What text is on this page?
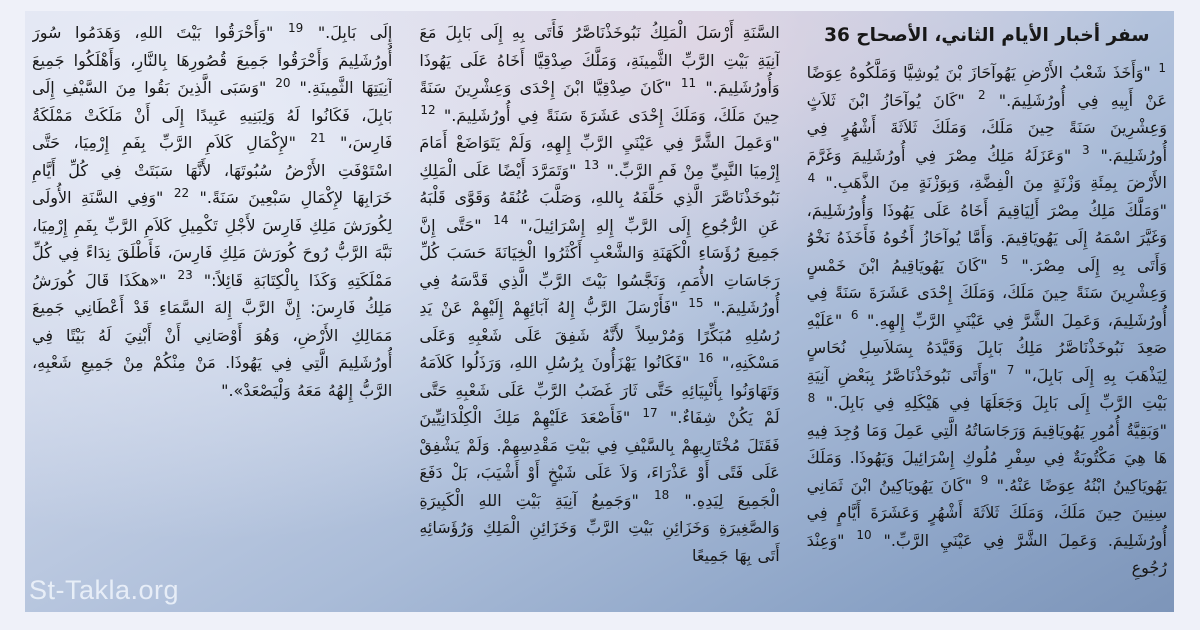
سفر أخبار الأيام الثاني، الأصحاح 36
$^1$ "وَأَخَذَ شَعْبُ الأَرْضِ يَهُوآحَازَ بْنَ يُوشِيَّا وَمَلَّكُوهُ عِوَضًا عَنْ أَبِيهِ فِي أُورُشَلِيمَ." $^2$ "كَانَ يُوآحَازُ ابْنَ ثَلاَثٍ وَعِشْرِينَ سَنَةً حِينَ مَلَكَ، وَمَلَكَ ثَلاَثَةَ أَشْهُرٍ فِي أُورُشَلِيمَ." $^3$ "وَعَزَلَهُ مَلِكُ مِصْرَ فِي أُورُشَلِيمَ وَغَرَّمَ الأَرْضَ بِمِئَةِ وَزْنَةٍ مِنَ الْفِضَّةِ، وَبِوَزْنَةٍ مِنَ الذَّهَبِ." $^4$ "وَمَلَّكَ مَلِكُ مِصْرَ أَلِيَاقِيمَ أَخَاهُ عَلَى يَهُوذَا وَأُورُشَلِيمَ، وَغَيَّرَ اسْمَهُ إِلَى يَهُويَاقِيمَ. وَأَمَّا يُوآحَازُ أَخُوهُ فَأَخَذَهُ نَخْوُ وَأَتَى بِهِ إِلَى مِصْرَ." $^5$ "كَانَ يَهُويَاقِيمُ ابْنَ خَمْسٍ وَعِشْرِينَ سَنَةً حِينَ مَلَكَ، وَمَلَكَ إِحْدَى عَشَرَةَ سَنَةً فِي أُورُشَلِيمَ، وَعَمِلَ الشَّرَّ فِي عَيْنَيِ الرَّبِّ إِلهِهِ." $^6$ "عَلَيْهِ صَعِدَ نَبُوخَذْنَاصَّرُ مَلِكُ بَابِلَ وَقَيَّدَهُ بِسَلاَسِلِ نُحَاسٍ لِيَذْهَبَ بِهِ إِلَى بَابِلَ،" $^7$ "وَأَتَى نَبُوخَذْنَاصَّرُ بِبَعْضِ آنِيَةِ بَيْتِ الرَّبِّ إِلَى بَابِلَ وَجَعَلَهَا فِي هَيْكَلِهِ فِي بَابِلَ." $^8$ "وَبَقِيَّةُ أُمُورِ يَهُويَاقِيمَ وَرَجَاسَاتُهُ الَّتِي عَمِلَ وَمَا وُجِدَ فِيهِ هَا هِيَ مَكْتُوبَةٌ فِي سِفْرِ مُلُوكِ إِسْرَائِيلَ وَيَهُوذَا. وَمَلَكَ يَهُويَاكِينُ ابْنُهُ عِوَضًا عَنْهُ." $^9$ "كَانَ يَهُويَاكِينُ ابْنَ ثَمَانِي سِنِينَ حِينَ مَلَكَ، وَمَلَكَ ثَلاَثَةَ أَشْهُرٍ وَعَشَرَةَ أَيَّامٍ فِي أُورُشَلِيمَ. وَعَمِلَ الشَّرَّ فِي عَيْنَيِ الرَّبِّ." $^{10}$ "وَعِنْدَ رُجُوعِ
السَّنَةِ أَرْسَلَ الْمَلِكُ نَبُوخَذْنَاصَّرُ فَأَتَى بِهِ إِلَى بَابِلَ مَعَ آنِيَةِ بَيْتِ الرَّبِّ الثَّمِينَةِ، وَمَلَّكَ صِدْقِيَّا أَخَاهُ عَلَى يَهُوذَا وَأُورُشَلِيمَ." $^{11}$ "كَانَ صِدْقِيَّا ابْنَ إِحْدَى وَعِشْرِينَ سَنَةً حِينَ مَلَكَ، وَمَلَكَ إِحْدَى عَشَرَةَ سَنَةً فِي أُورُشَلِيمَ." $^{12}$ "وَعَمِلَ الشَّرَّ فِي عَيْنَيِ الرَّبِّ إِلهِهِ، وَلَمْ يَتَوَاضَعْ أَمَامَ إِرْمِيَا النَّبِيِّ مِنْ فَمِ الرَّبِّ." $^{13}$ "وَتَمَرَّدَ أَيْضًا عَلَى الْمَلِكِ نَبُوخَذْنَاصَّرَ الَّذِي حَلَّفَهُ بِاللهِ، وَصَلَّبَ عُنُقَهُ وَقَوَّى قَلْبَهُ عَنِ الرُّجُوعِ إِلَى الرَّبِّ إِلهِ إِسْرَائِيلَ،" $^{14}$ "حَتَّى إِنَّ جَمِيعَ رُؤَسَاءِ الْكَهَنَةِ وَالشَّعْبِ أَكْثَرُوا الْخِيَانَةَ حَسَبَ كُلِّ رَجَاسَاتِ الأُمَمِ، وَنَجَّسُوا بَيْتَ الرَّبِّ الَّذِي قَدَّسَهُ فِي أُورُشَلِيمَ." $^{15}$ "فَأَرْسَلَ الرَّبُّ إِلهُ آبَائِهِمْ إِلَيْهِمْ عَنْ يَدِ رُسُلِهِ مُبَكِّرًا وَمُرْسِلاً لأَنَّهُ شَفِقَ عَلَى شَعْبِهِ وَعَلَى مَسْكَنِهِ،" $^{16}$ "فَكَانُوا يَهْزَأُونَ بِرُسُلِ اللهِ، وَرَذَلُوا كَلاَمَهُ وَتَهَاوَنُوا بِأَنْبِيَائِهِ حَتَّى ثَارَ غَضَبُ الرَّبِّ عَلَى شَعْبِهِ حَتَّى لَمْ يَكُنْ شِفَاءٌ." $^{17}$ "فَأَصْعَدَ عَلَيْهِمْ مَلِكَ الْكِلْدَانِيِّينَ فَقَتَلَ مُخْتَارِيهِمْ بِالسَّيْفِ فِي بَيْتِ مَقْدِسِهِمْ. وَلَمْ يَشْفِقْ عَلَى فَتًى أَوْ عَذْرَاءَ، وَلاَ عَلَى شَيْخٍ أَوْ أَشْيَبَ، بَلْ دَفَعَ الْجَمِيعَ لِيَدِهِ." $^{18}$ "وَجَمِيعُ آنِيَةِ بَيْتِ اللهِ الْكَبِيرَةِ وَالصَّغِيرَةِ وَخَزَائِنِ بَيْتِ الرَّبِّ وَخَزَائِنِ الْمَلِكِ وَرُؤَسَائِهِ أَتَى بِهَا جَمِيعًا
إِلَى بَابِلَ." $^{19}$ "وَأَحْرَقُوا بَيْتَ اللهِ، وَهَدَمُوا سُورَ أُورُشَلِيمَ وَأَحْرَقُوا جَمِيعَ قُصُورِهَا بِالنَّارِ، وَأَهْلَكُوا جَمِيعَ آنِيَتِهَا الثَّمِينَةِ." $^{20}$ "وَسَبَى الَّذِينَ بَقُوا مِنَ السَّيْفِ إِلَى بَابِلَ، فَكَانُوا لَهُ وَلِبَنِيهِ عَبِيدًا إِلَى أَنْ مَلَكَتْ مَمْلَكَةُ فَارِسَ،" $^{21}$ "لإِكْمَالِ كَلاَمِ الرَّبِّ بِفَمِ إِرْمِيَا، حَتَّى اسْتَوْفَتِ الأَرْضُ سُبُوتَهَا، لأَنَّهَا سَبَتَتْ فِي كُلِّ أَيَّامِ خَرَابِهَا لإِكْمَالِ سَبْعِينَ سَنَةً." $^{22}$ "وَفِي السَّنَةِ الأُولَى لِكُورَشَ مَلِكِ فَارِسَ لأَجْلِ تَكْمِيلِ كَلاَمِ الرَّبِّ بِفَمِ إِرْمِيَا، نَبَّهَ الرَّبُّ رُوحَ كُورَشَ مَلِكِ فَارِسَ، فَأَطْلَقَ نِدَاءً فِي كُلِّ مَمْلَكَتِهِ وَكَذَا بِالْكِتَابَةِ قَائِلاً:" $^{23}$ "«هكَذَا قَالَ كُورَشُ مَلِكُ فَارِسَ: إِنَّ الرَّبَّ إِلهَ السَّمَاءِ قَدْ أَعْطَانِي جَمِيعَ مَمَالِكِ الأَرْضِ، وَهُوَ أَوْصَانِي أَنْ أَبْنِيَ لَهُ بَيْتًا فِي أُورُشَلِيمَ الَّتِي فِي يَهُوذَا. مَنْ مِنْكُمْ مِنْ جَمِيعِ شَعْبِهِ، الرَّبُّ إِلهُهُ مَعَهُ وَلْيَصْعَدْ»."
St-Takla.org
